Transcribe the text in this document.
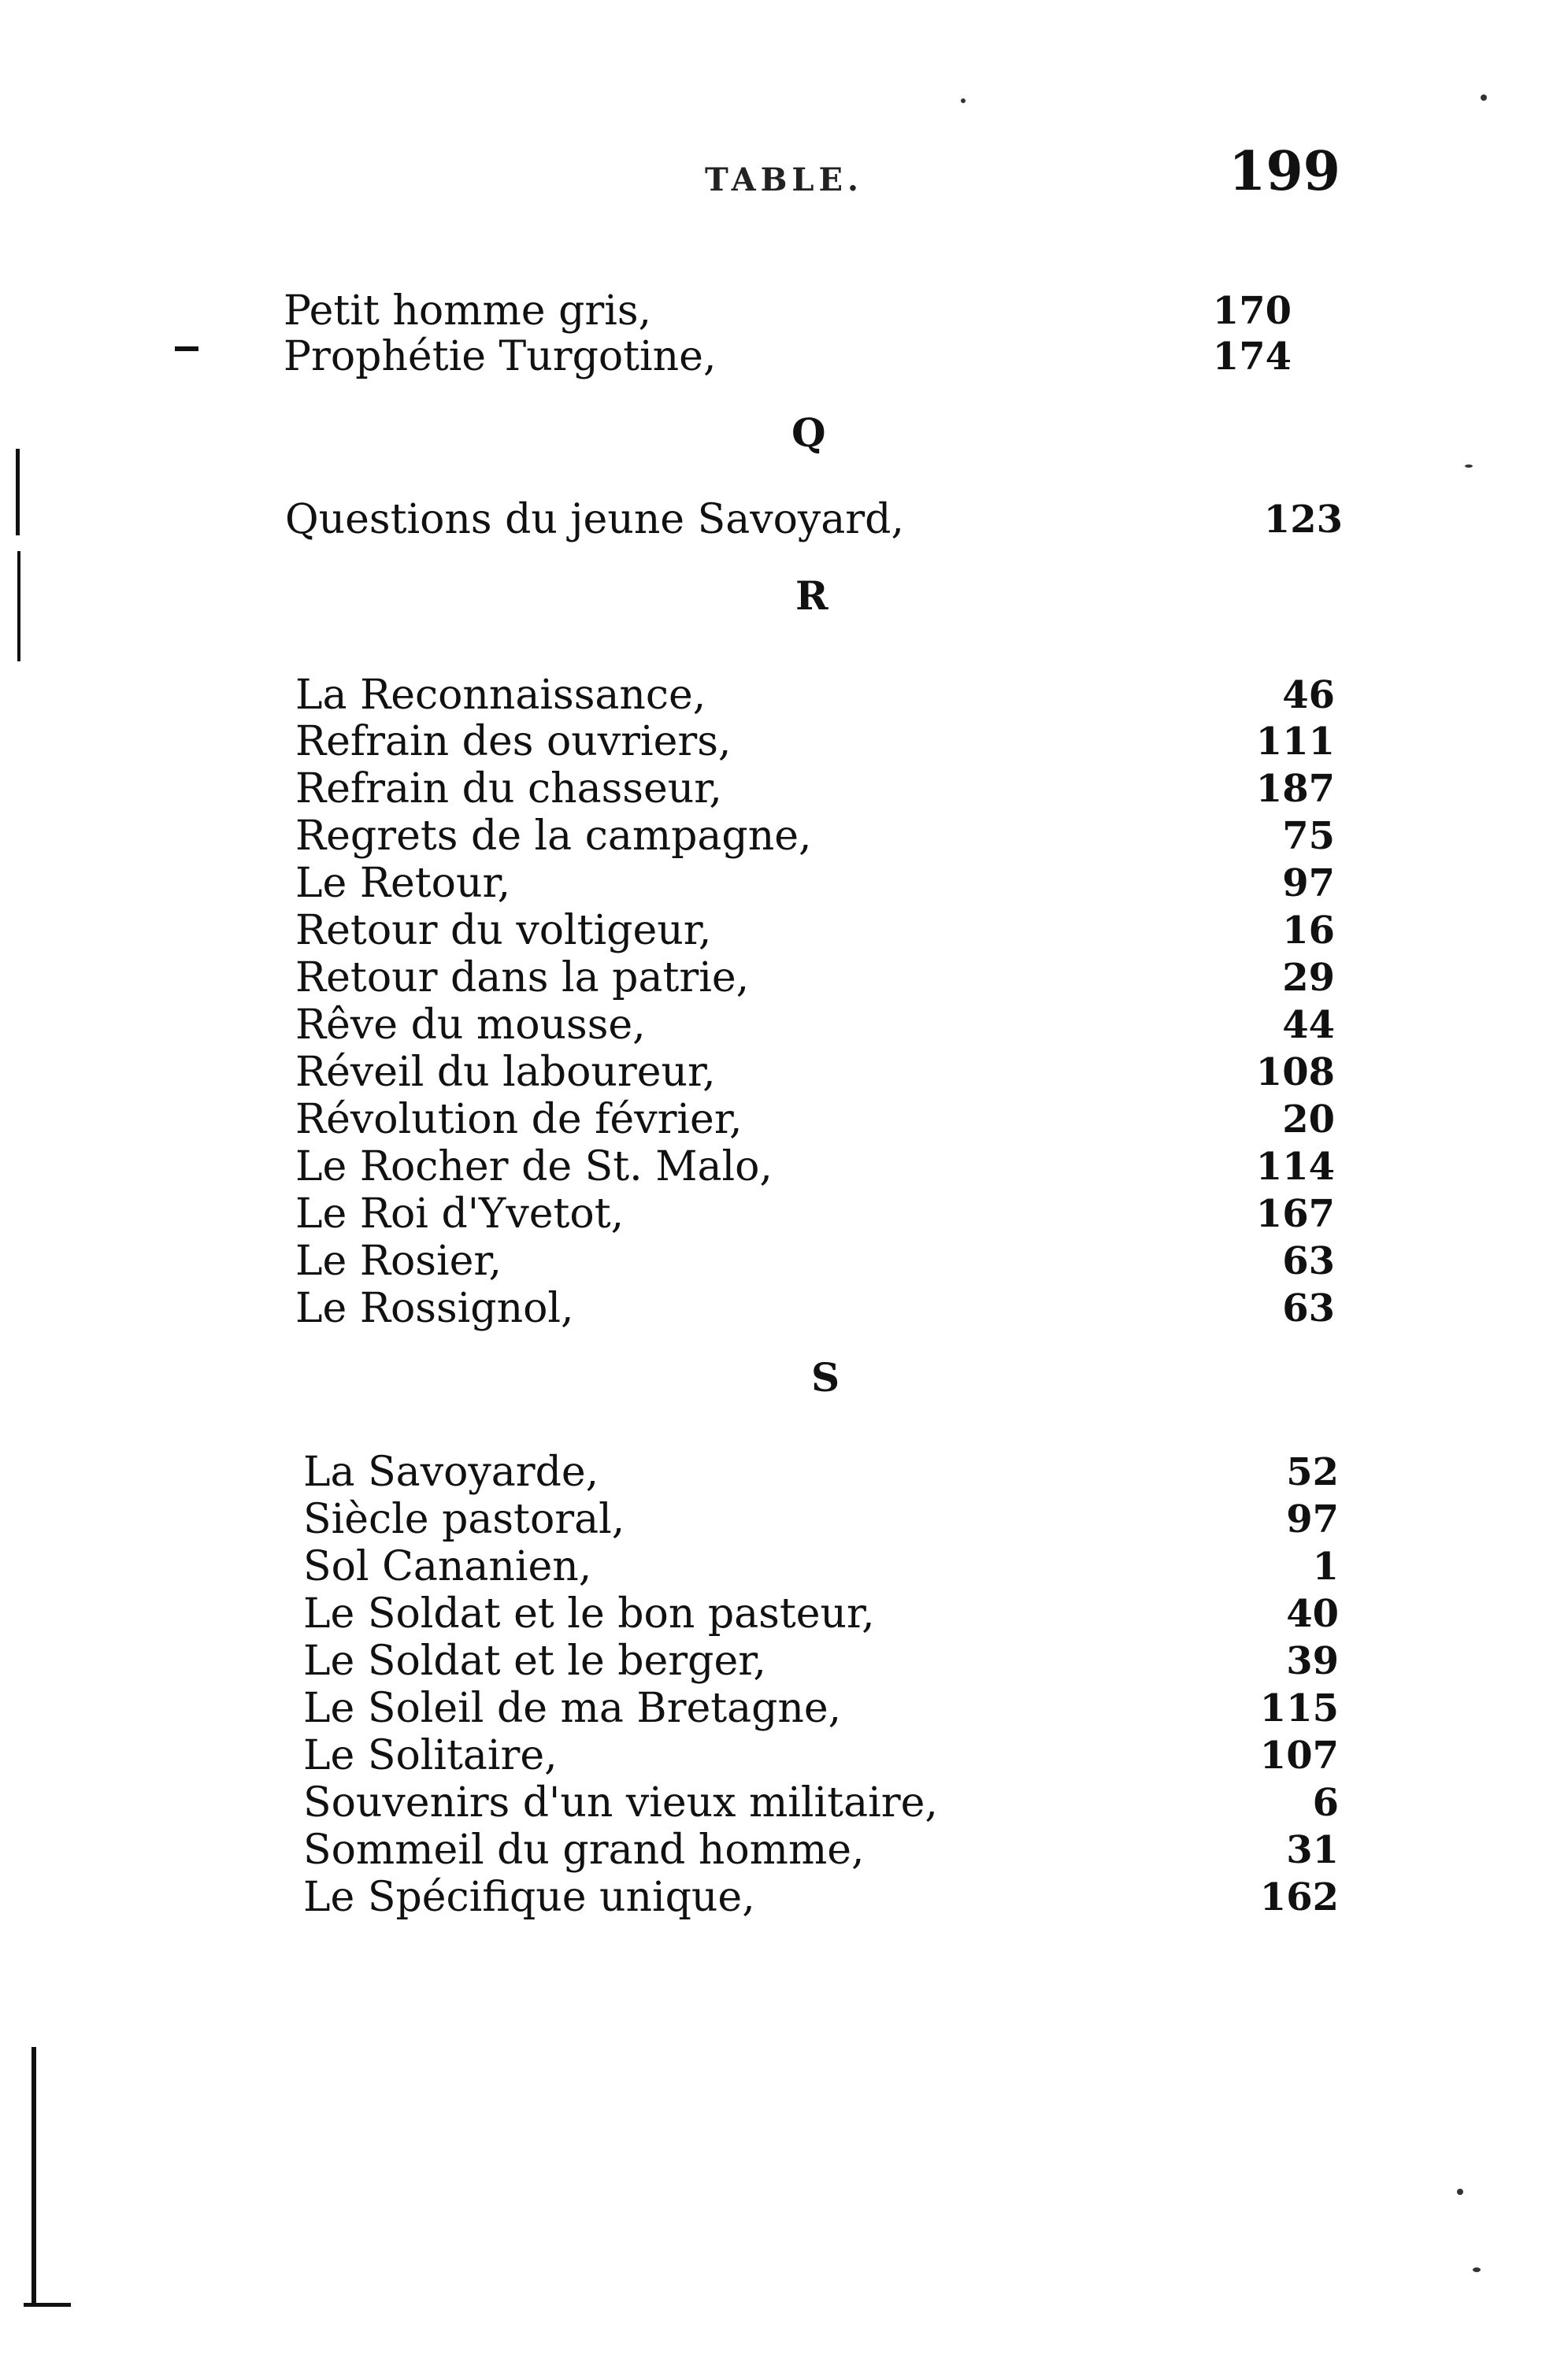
TABLE.	199
Petit homme gris,	170
Prophétie Turgotine,	174
Q
Questions du jeune Savoyard,	123
R
La Reconnaissance,	46
Refrain des ouvriers,	111
Refrain du chasseur,	187
Regrets de la campagne,	75
Le Retour,	97
Retour du voltigeur,	16
Retour dans la patrie,	29
Rêve du mousse,	44
Réveil du laboureur,	108
Révolution de février,	20
Le Rocher de St. Malo,	114
Le Roi d'Yvetot,	167
Le Rosier,	63
Le Rossignol,	63
S
La Savoyarde,	52
Siècle pastoral,	97
Sol Cananien,	1
Le Soldat et le bon pasteur,	40
Le Soldat et le berger,	39
Le Soleil de ma Bretagne,	115
Le Solitaire,	107
Souvenirs d'un vieux militaire,	6
Sommeil du grand homme,	31
Le Spécifique unique,	162
